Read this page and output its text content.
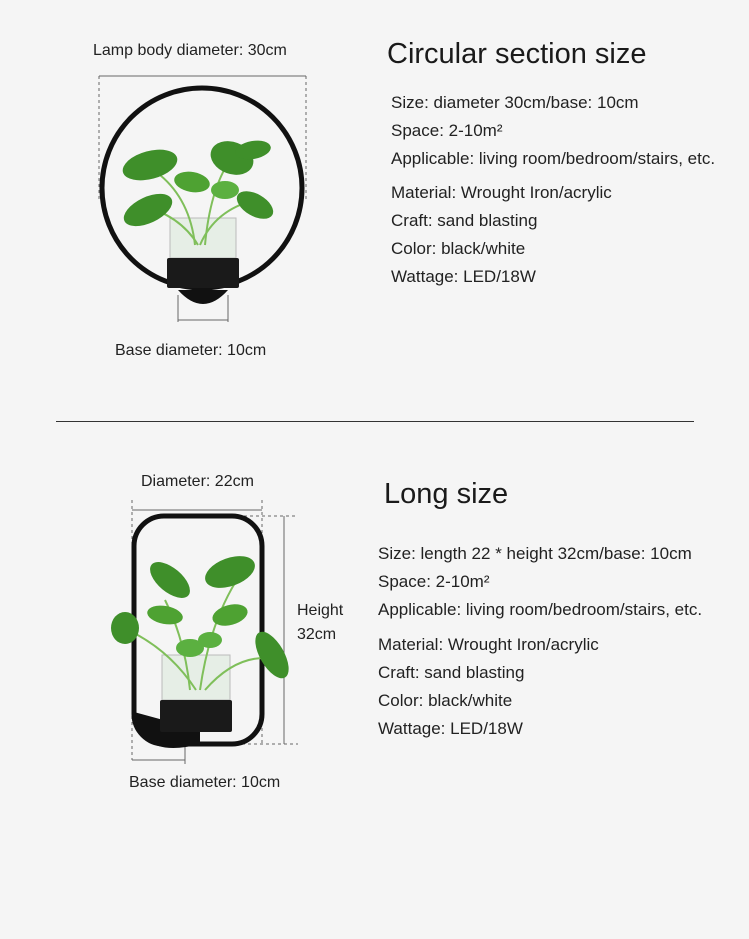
Lamp body diameter: 30cm	Circular section size
Size: diameter 30cm/base: 10cm
Space: 2-10m²
Applicable: living room/bedroom/stairs, etc.
Material: Wrought Iron/acrylic
Craft: sand blasting
Color: black/white
Wattage: LED/18W
Base diameter: 10cm
Diameter: 22cm	Long size
Height
32cm
Size: length 22 * height 32cm/base: 10cm
Space: 2-10m²
Applicable: living room/bedroom/stairs, etc.
Material: Wrought Iron/acrylic
Craft: sand blasting
Color: black/white
Wattage: LED/18W
Base diameter: 10cm
